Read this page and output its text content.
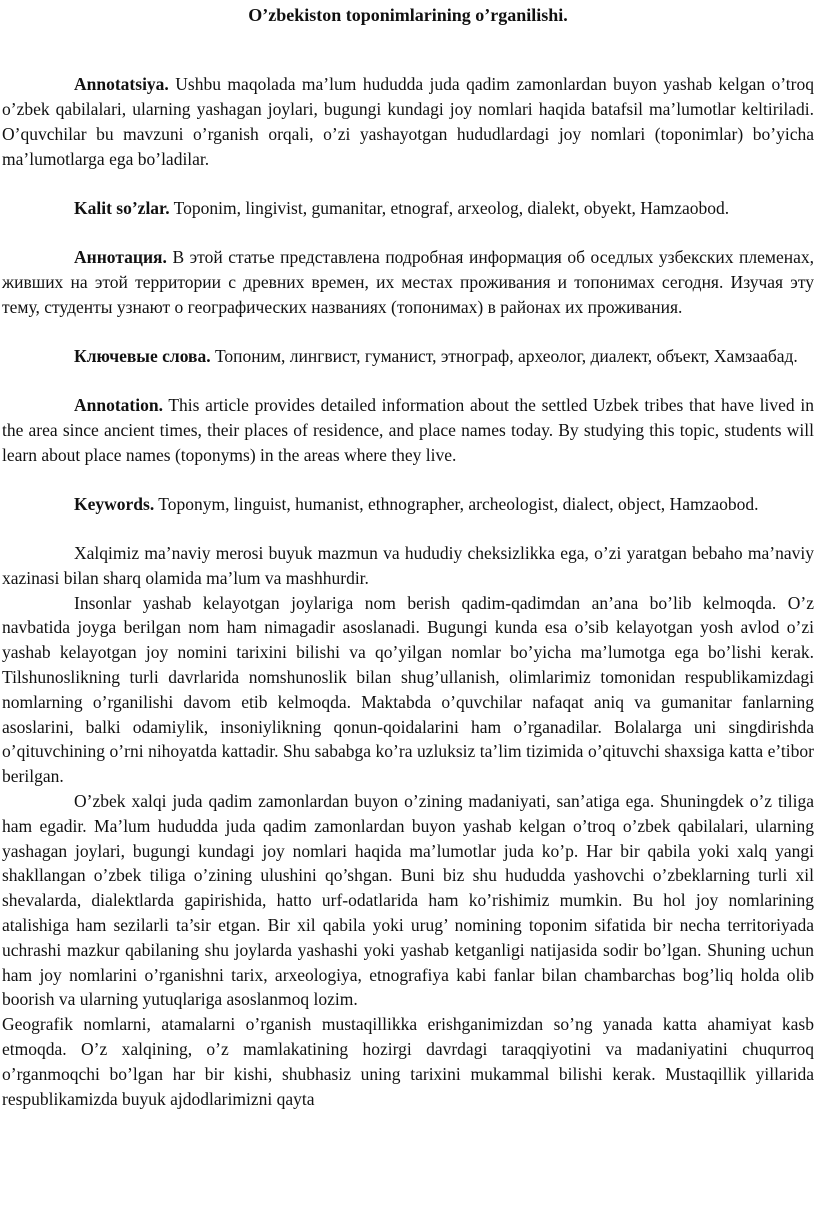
O’zbekiston toponimlarining o’rganilishi.

Annotatsiya. Ushbu maqolada ma’lum hududda juda qadim zamonlardan buyon yashab kelgan o’troq o’zbek qabilalari, ularning yashagan joylari, bugungi kundagi joy nomlari haqida batafsil ma’lumotlar keltiriladi. O’quvchilar bu mavzuni o’rganish orqali, o’zi yashayotgan hududlardagi joy nomlari (toponimlar) bo’yicha ma’lumotlarga ega bo’ladilar.

Kalit so’zlar. Toponim, lingivist, gumanitar, etnograf, arxeolog, dialekt, obyekt, Hamzaobod.

Аннотация. В этой статье представлена подробная информация об оседлых узбекских племенах, живших на этой территории с древних времен, их местах проживания и топонимах сегодня. Изучая эту тему, студенты узнают о географических названиях (топонимах) в районах их проживания.

Ключевые слова. Топоним, лингвист, гуманист, этнограф, археолог, диалект, объект, Хамзаабад.

Annotation. This article provides detailed information about the settled Uzbek tribes that have lived in the area since ancient times, their places of residence, and place names today. By studying this topic, students will learn about place names (toponyms) in the areas where they live.

Keywords. Toponym, linguist, humanist, ethnographer, archeologist, dialect, object, Hamzaobod.

Xalqimiz ma’naviy merosi buyuk mazmun va hududiy cheksizlikka ega, o’zi yaratgan bebaho ma’naviy xazinasi bilan sharq olamida ma’lum va mashhurdir.

Insonlar yashab kelayotgan joylariga nom berish qadim-qadimdan an’ana bo’lib kelmoqda. O’z navbatida joyga berilgan nom ham nimagadir asoslanadi. Bugungi kunda esa o’sib kelayotgan yosh avlod o’zi yashab kelayotgan joy nomini tarixini bilishi va qo’yilgan nomlar bo’yicha ma’lumotga ega bo’lishi kerak. Tilshunoslikning turli davrlarida nomshunoslik bilan shug’ullanish, olimlarimiz tomonidan respublikamizdagi nomlarning o’rganilishi davom etib kelmoqda. Maktabda o’quvchilar nafaqat aniq va gumanitar fanlarning asoslarini, balki odamiylik, insoniylikning qonun-qoidalarini ham o’rganadilar. Bolalarga uni singdirishda o’qituvchining o’rni nihoyatda kattadir. Shu sababga ko’ra uzluksiz ta’lim tizimida o’qituvchi shaxsiga katta e’tibor berilgan.

O’zbek xalqi juda qadim zamonlardan buyon o’zining madaniyati, san’atiga ega. Shuningdek o’z tiliga ham egadir. Ma’lum hududda juda qadim zamonlardan buyon yashab kelgan o’troq o’zbek qabilalari, ularning yashagan joylari, bugungi kundagi joy nomlari haqida ma’lumotlar juda ko’p. Har bir qabila yoki xalq yangi shakllangan o’zbek tiliga o’zining ulushini qo’shgan. Buni biz shu hududda yashovchi o’zbeklarning turli xil shevalarda, dialektlarda gapirishida, hatto urf-odatlarida ham ko’rishimiz mumkin. Bu hol joy nomlarining atalishiga ham sezilarli ta’sir etgan. Bir xil qabila yoki urug’ nomining toponim sifatida bir necha territoriyada uchrashi mazkur qabilaning shu joylarda yashashi yoki yashab ketganligi natijasida sodir bo’lgan. Shuning uchun ham joy nomlarini o’rganishni tarix, arxeologiya, etnografiya kabi fanlar bilan chambarchas bog’liq holda olib boorish va ularning yutuqlariga asoslanmoq lozim.

Geografik nomlarni, atamalarni o’rganish mustaqillikka erishganimizdan so’ng yanada katta ahamiyat kasb etmoqda. O’z xalqining, o’z mamlakatining hozirgi davrdagi taraqqiyotini va madaniyatini chuqurroq o’rganmoqchi bo’lgan har bir kishi, shubhasiz uning tarixini mukammal bilishi kerak. Mustaqillik yillarida respublikamizda buyuk ajdodlarimizni qayta
